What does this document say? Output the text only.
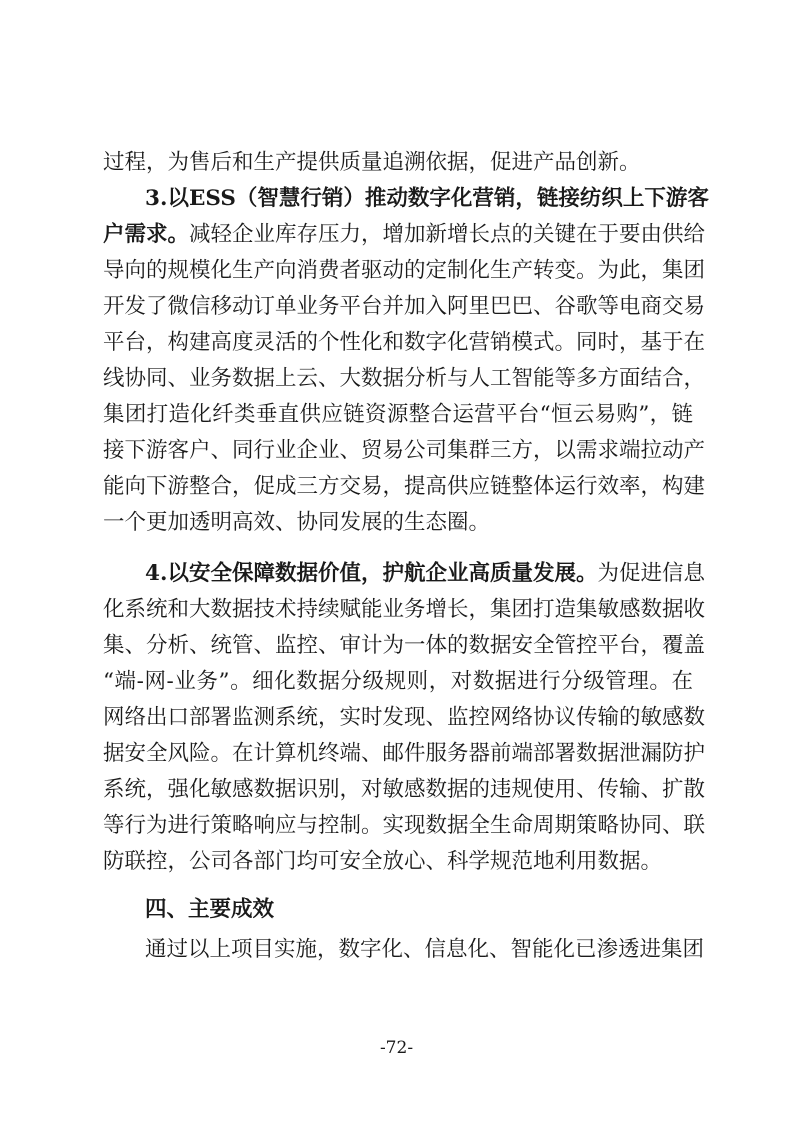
过程，为售后和生产提供质量追溯依据，促进产品创新。
3.以ESS（智慧行销）推动数字化营销，链接纺织上下游客
户需求。减轻企业库存压力，增加新增长点的关键在于要由供给
导向的规模化生产向消费者驱动的定制化生产转变。为此，集团
开发了微信移动订单业务平台并加入阿里巴巴、谷歌等电商交易
平台，构建高度灵活的个性化和数字化营销模式。同时，基于在
线协同、业务数据上云、大数据分析与人工智能等多方面结合，
集团打造化纤类垂直供应链资源整合运营平台“恒云易购”，链
接下游客户、同行业企业、贸易公司集群三方，以需求端拉动产
能向下游整合，促成三方交易，提高供应链整体运行效率，构建
一个更加透明高效、协同发展的生态圈。
4.以安全保障数据价值，护航企业高质量发展。为促进信息
化系统和大数据技术持续赋能业务增长，集团打造集敏感数据收
集、分析、统管、监控、审计为一体的数据安全管控平台，覆盖
“端-网-业务”。细化数据分级规则，对数据进行分级管理。在
网络出口部署监测系统，实时发现、监控网络协议传输的敏感数
据安全风险。在计算机终端、邮件服务器前端部署数据泄漏防护
系统，强化敏感数据识别，对敏感数据的违规使用、传输、扩散
等行为进行策略响应与控制。实现数据全生命周期策略协同、联
防联控，公司各部门均可安全放心、科学规范地利用数据。
四、主要成效
通过以上项目实施，数字化、信息化、智能化已渗透进集团
-72-
